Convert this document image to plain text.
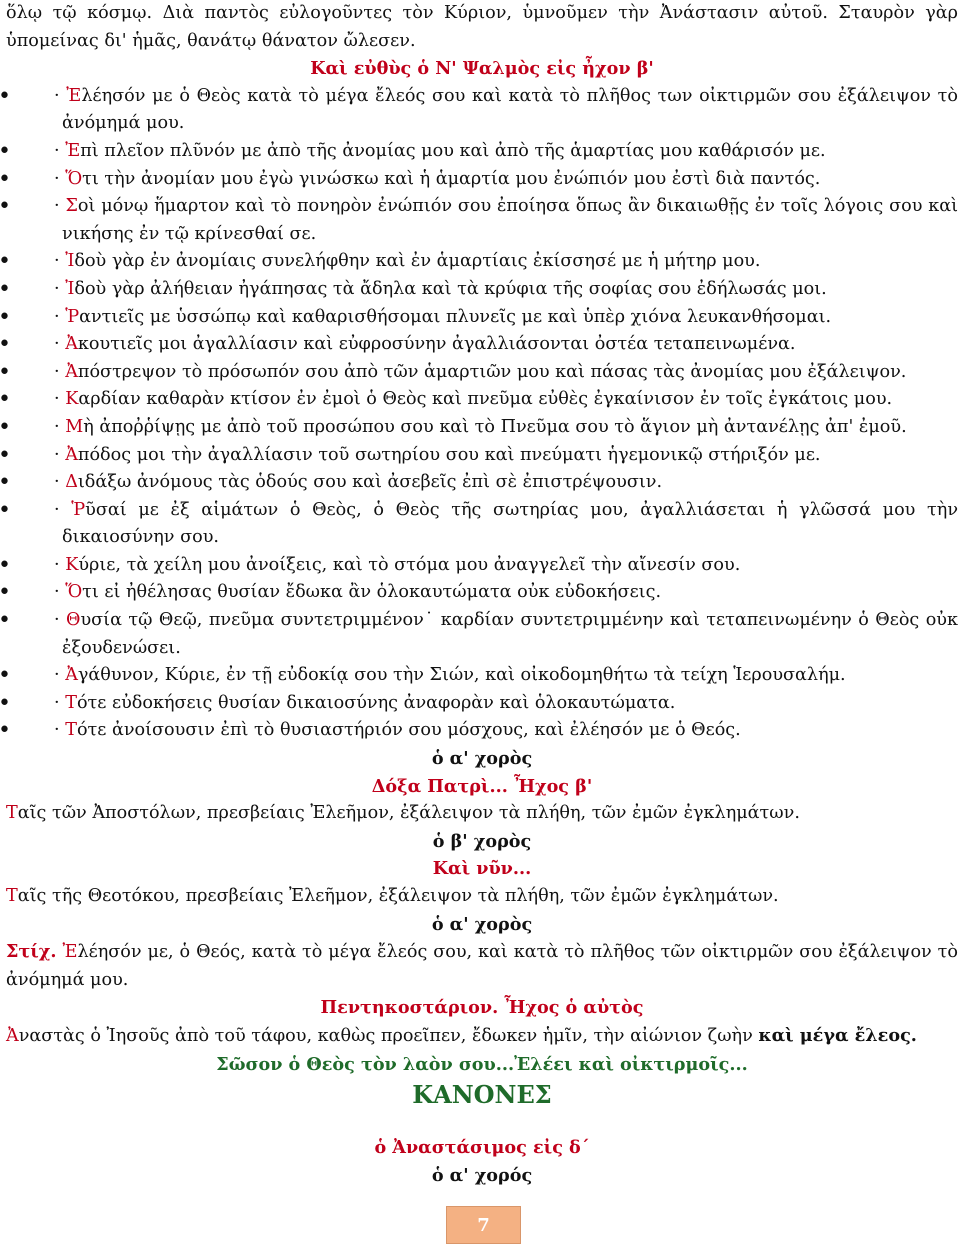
ὅλῳ τῷ κόσμῳ. Διὰ παντὸς εὐλογοῦντες τὸν Κύριον, ὑμνοῦμεν τὴν Ἀνάστασιν αὐτοῦ. Σταυρὸν γὰρ ὑπομείνας δι' ἡμᾶς, θανάτῳ θάνατον ὤλεσεν.

Καὶ εὐθὺς ὁ Ν' Ψαλμὸς εἰς ἦχον β'

• · Ἐλέησόν με ὁ Θεὸς κατὰ τὸ μέγα ἔλεός σου καὶ κατὰ τὸ πλῆθος των οἰκτιρμῶν σου ἐξάλειψον τὸ ἀνόμημά μου.

• · Ἐπὶ πλεῖον πλῦνόν με ἀπὸ τῆς ἀνομίας μου καὶ ἀπὸ τῆς ἁμαρτίας μου καθάρισόν με.

• · Ὅτι τὴν ἀνομίαν μου ἐγὼ γινώσκω καὶ ἡ ἁμαρτία μου ἐνώπιόν μου ἐστὶ διὰ παντός.

• · Σοὶ μόνῳ ἥμαρτον καὶ τὸ πονηρὸν ἐνώπιόν σου ἐποίησα ὅπως ἂν δικαιωθῇς ἐν τοῖς λόγοις σου καὶ νικήσης ἐν τῷ κρίνεσθαί σε.

• · Ἰδοὺ γὰρ ἐν ἀνομίαις συνελήφθην καὶ ἐν ἁμαρτίαις ἐκίσσησέ με ἡ μήτηρ μου.

• · Ἰδοὺ γὰρ ἀλήθειαν ἠγάπησας τὰ ἄδηλα καὶ τὰ κρύφια τῆς σοφίας σου ἐδήλωσάς μοι.

• · Ῥαντιεῖς με ὑσσώπῳ καὶ καθαρισθήσομαι πλυνεῖς με καὶ ὑπὲρ χιόνα λευκανθήσομαι.

• · Ἀκουτιεῖς μοι ἀγαλλίασιν καὶ εὐφροσύνην ἀγαλλιάσονται ὀστέα τεταπεινωμένα.

• · Ἀπόστρεψον τὸ πρόσωπόν σου ἀπὸ τῶν ἁμαρτιῶν μου καὶ πάσας τὰς ἀνομίας μου ἐξάλειψον.

• · Καρδίαν καθαρὰν κτίσον ἐν ἐμοὶ ὁ Θεὸς καὶ πνεῦμα εὐθὲς ἐγκαίνισον ἐν τοῖς ἐγκάτοις μου.

• · Μὴ ἀποῤῥίψῃς με ἀπὸ τοῦ προσώπου σου καὶ τὸ Πνεῦμα σου τὸ ἅγιον μὴ ἀντανέλῃς ἀπ' ἐμοῦ.

• · Ἀπόδος μοι τὴν ἀγαλλίασιν τοῦ σωτηρίου σου καὶ πνεύματι ἡγεμονικῷ στήριξόν με.

• · Διδάξω ἀνόμους τὰς ὁδούς σου καὶ ἀσεβεῖς ἐπὶ σὲ ἐπιστρέψουσιν.

• · Ῥῦσαί με ἐξ αἱμάτων ὁ Θεὸς, ὁ Θεὸς τῆς σωτηρίας μου, ἀγαλλιάσεται ἡ γλῶσσά μου τὴν δικαιοσύνην σου.

• · Κύριε, τὰ χείλη μου ἀνοίξεις, καὶ τὸ στόμα μου ἀναγγελεῖ τὴν αἴνεσίν σου.

• · Ὅτι εἰ ἠθέλησας θυσίαν ἔδωκα ἂν ὁλοκαυτώματα οὐκ εὐδοκήσεις.

• · Θυσία τῷ Θεῷ, πνεῦμα συντετριμμένον˙ καρδίαν συντετριμμένην καὶ τεταπεινωμένην ὁ Θεὸς οὐκ ἐξουδενώσει.

• · Ἀγάθυνον, Κύριε, ἐν τῇ εὐδοκίᾳ σου τὴν Σιών, καὶ οἰκοδομηθήτω τὰ τείχη Ἱερουσαλήμ.

• · Τότε εὐδοκήσεις θυσίαν δικαιοσύνης ἀναφορὰν καὶ ὁλοκαυτώματα.

• · Τότε ἀνοίσουσιν ἐπὶ τὸ θυσιαστήριόν σου μόσχους, καὶ ἐλέησόν με ὁ Θεός.

ὁ α' χορὸς

Δόξα Πατρὶ... Ἦχος β'

Ταῖς τῶν Ἀποστόλων, πρεσβείαις Ἐλεῆμον, ἐξάλειψον τὰ πλήθη, τῶν ἐμῶν ἐγκλημάτων.

ὁ β' χορὸς

Καὶ νῦν...

Ταῖς τῆς Θεοτόκου, πρεσβείαις Ἐλεῆμον, ἐξάλειψον τὰ πλήθη, τῶν ἐμῶν ἐγκλημάτων.

ὁ α' χορὸς

Στίχ. Ἐλέησόν με, ὁ Θεός, κατὰ τὸ μέγα ἔλεός σου, καὶ κατὰ τὸ πλῆθος τῶν οἰκτιρμῶν σου ἐξάλειψον τὸ ἀνόμημά μου.

Πεντηκοστάριον. Ἦχος ὁ αὐτὸς

Ἀναστὰς ὁ Ἰησοῦς ἀπὸ τοῦ τάφου, καθὼς προεῖπεν, ἔδωκεν ἡμῖν, τὴν αἰώνιον ζωὴν καὶ μέγα ἔλεος.

Σῶσον ὁ Θεὸς τὸν λαὸν σου...Ἐλέει καὶ οἰκτιρμοῖς...

ΚΑΝΟΝΕΣ

ὁ Ἀναστάσιμος εἰς δ΄

ὁ α' χορός

7
